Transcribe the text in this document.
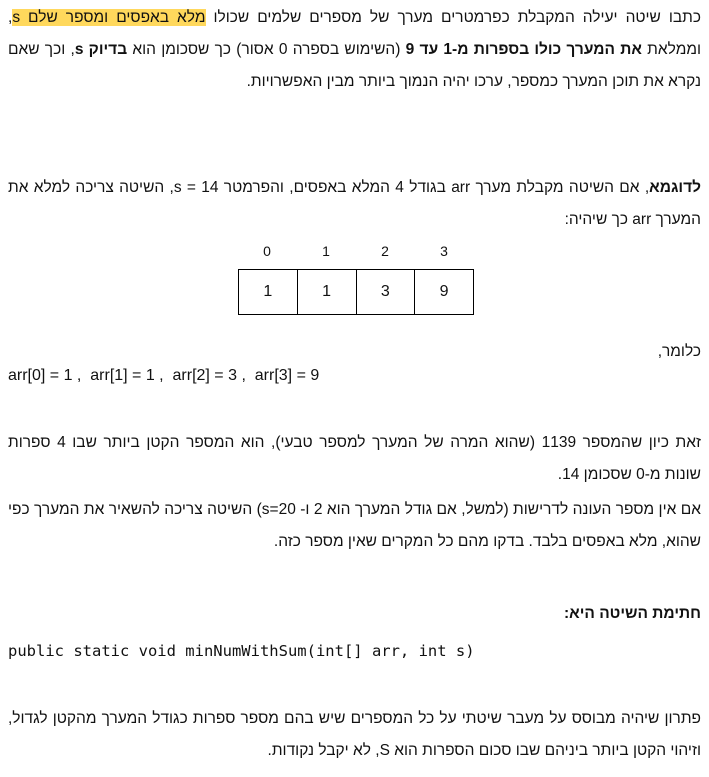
כתבו שיטה יעילה המקבלת כפרמטרים מערך של מספרים שלמים שכולו מלא באפסים ומספר שלם s, וממלאת את המערך כולו בספרות מ-1 עד 9 (השימוש בספרה 0 אסור) כך שסכומן הוא בדיוק s, וכך שאם נקרא את תוכן המערך כמספר, ערכו יהיה הנמוך ביותר מבין האפשרויות.

לדוגמא, אם השיטה מקבלת מערך arr בגודל 4 המלא באפסים, והפרמטר s = 14, השיטה צריכה למלא את המערך arr כך שיהיה:

0	1	2	3
1	1	3	9

כלומר,

arr[0] = 1 ,  arr[1] = 1 ,  arr[2] = 3 ,  arr[3] = 9

זאת כיון שהמספר 1139 (שהוא המרה של המערך למספר טבעי), הוא המספר הקטן ביותר שבו 4 ספרות שונות מ-0 שסכומן 14.

אם אין מספר העונה לדרישות (למשל, אם גודל המערך הוא 2 ו- s=20) השיטה צריכה להשאיר את המערך כפי שהוא, מלא באפסים בלבד. בדקו מהם כל המקרים שאין מספר כזה.

חתימת השיטה היא:

public static void minNumWithSum(int[] arr, int s)

פתרון שיהיה מבוסס על מעבר שיטתי על כל המספרים שיש בהם מספר ספרות כגודל המערך מהקטן לגדול, וזיהוי הקטן ביותר ביניהם שבו סכום הספרות הוא S, לא יקבל נקודות.
